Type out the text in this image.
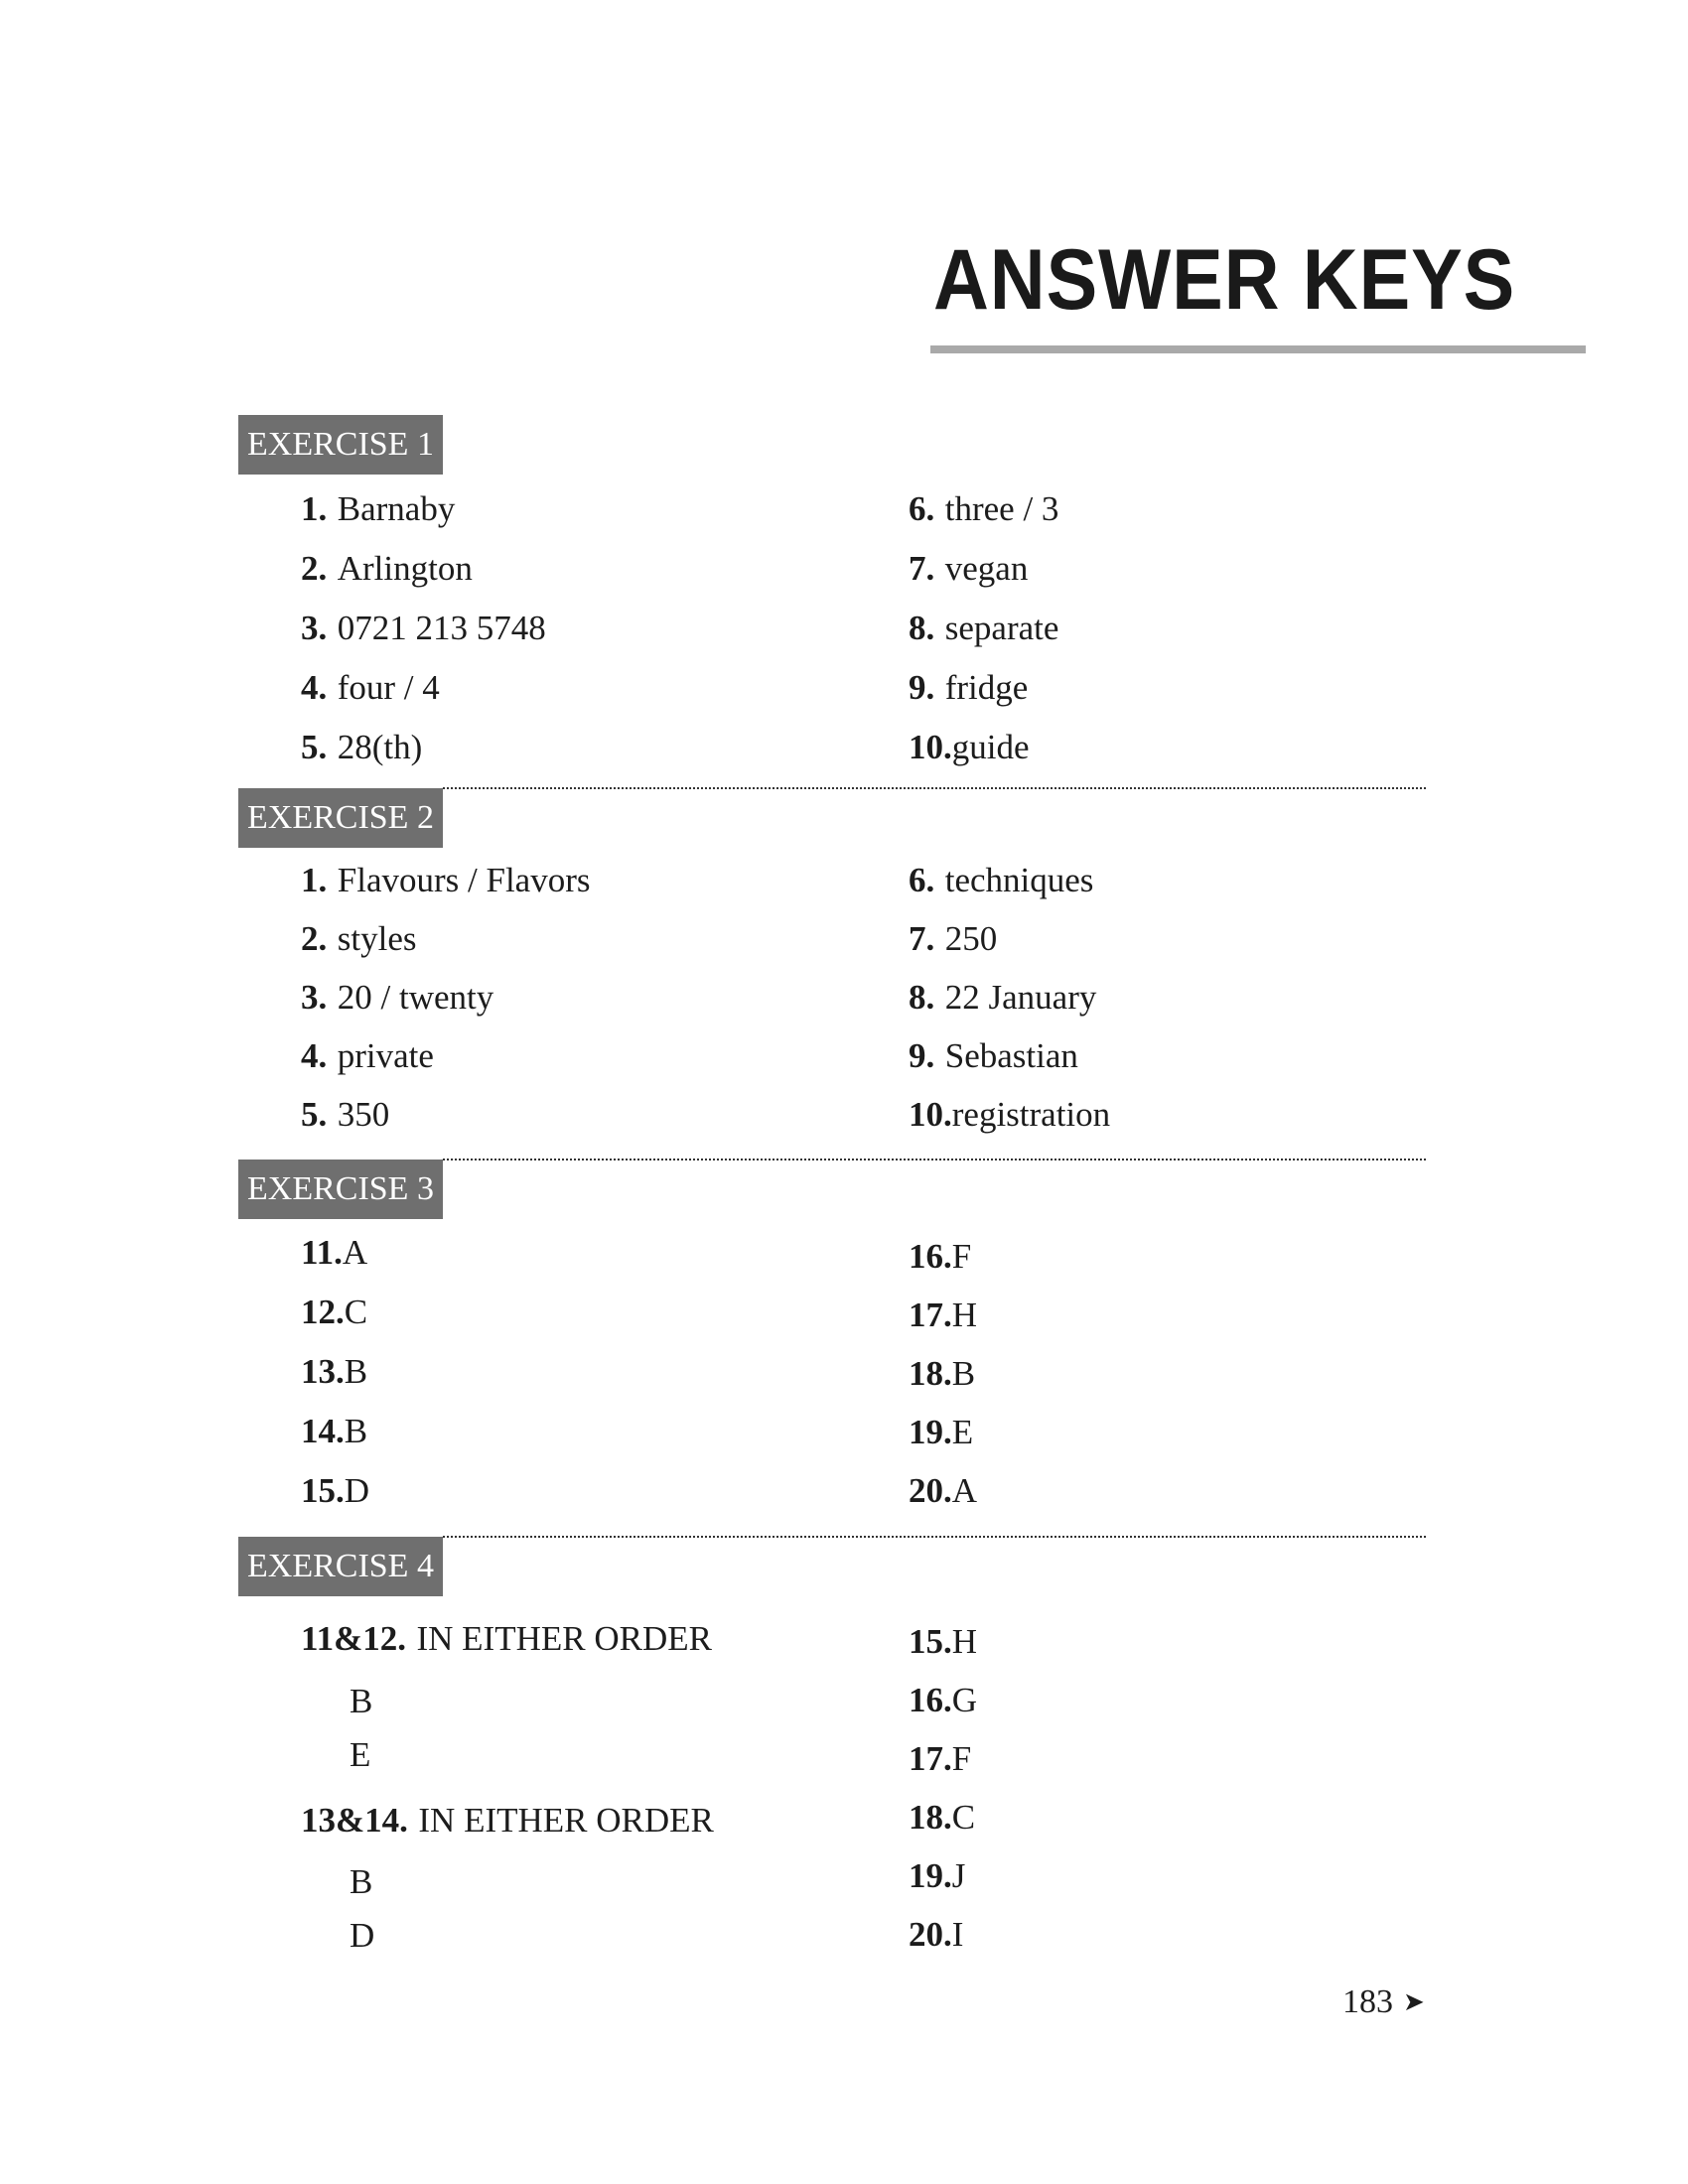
ANSWER KEYS
EXERCISE 1

1. Barnaby

2. Arlington

3. 0721 213 5748

4. four / 4

5. 28(th)

6. three / 3

7. vegan

8. separate

9. fridge

10.guide

EXERCISE 2

1. Flavours / Flavors

2. styles

3. 20 / twenty

4. private

5. 350

6. techniques

7. 250

8. 22 January

9. Sebastian

10.registration

EXERCISE 3

11.A

12.C

13.B

14.B

15.D

16.F

17.H

18.B

19.E

20.A

EXERCISE 4

11&12. IN EITHER ORDER

B

E

13&14. IN EITHER ORDER

B

D

15.H

16.G

17.F

18.C

19.J

20.I

183 ➤
